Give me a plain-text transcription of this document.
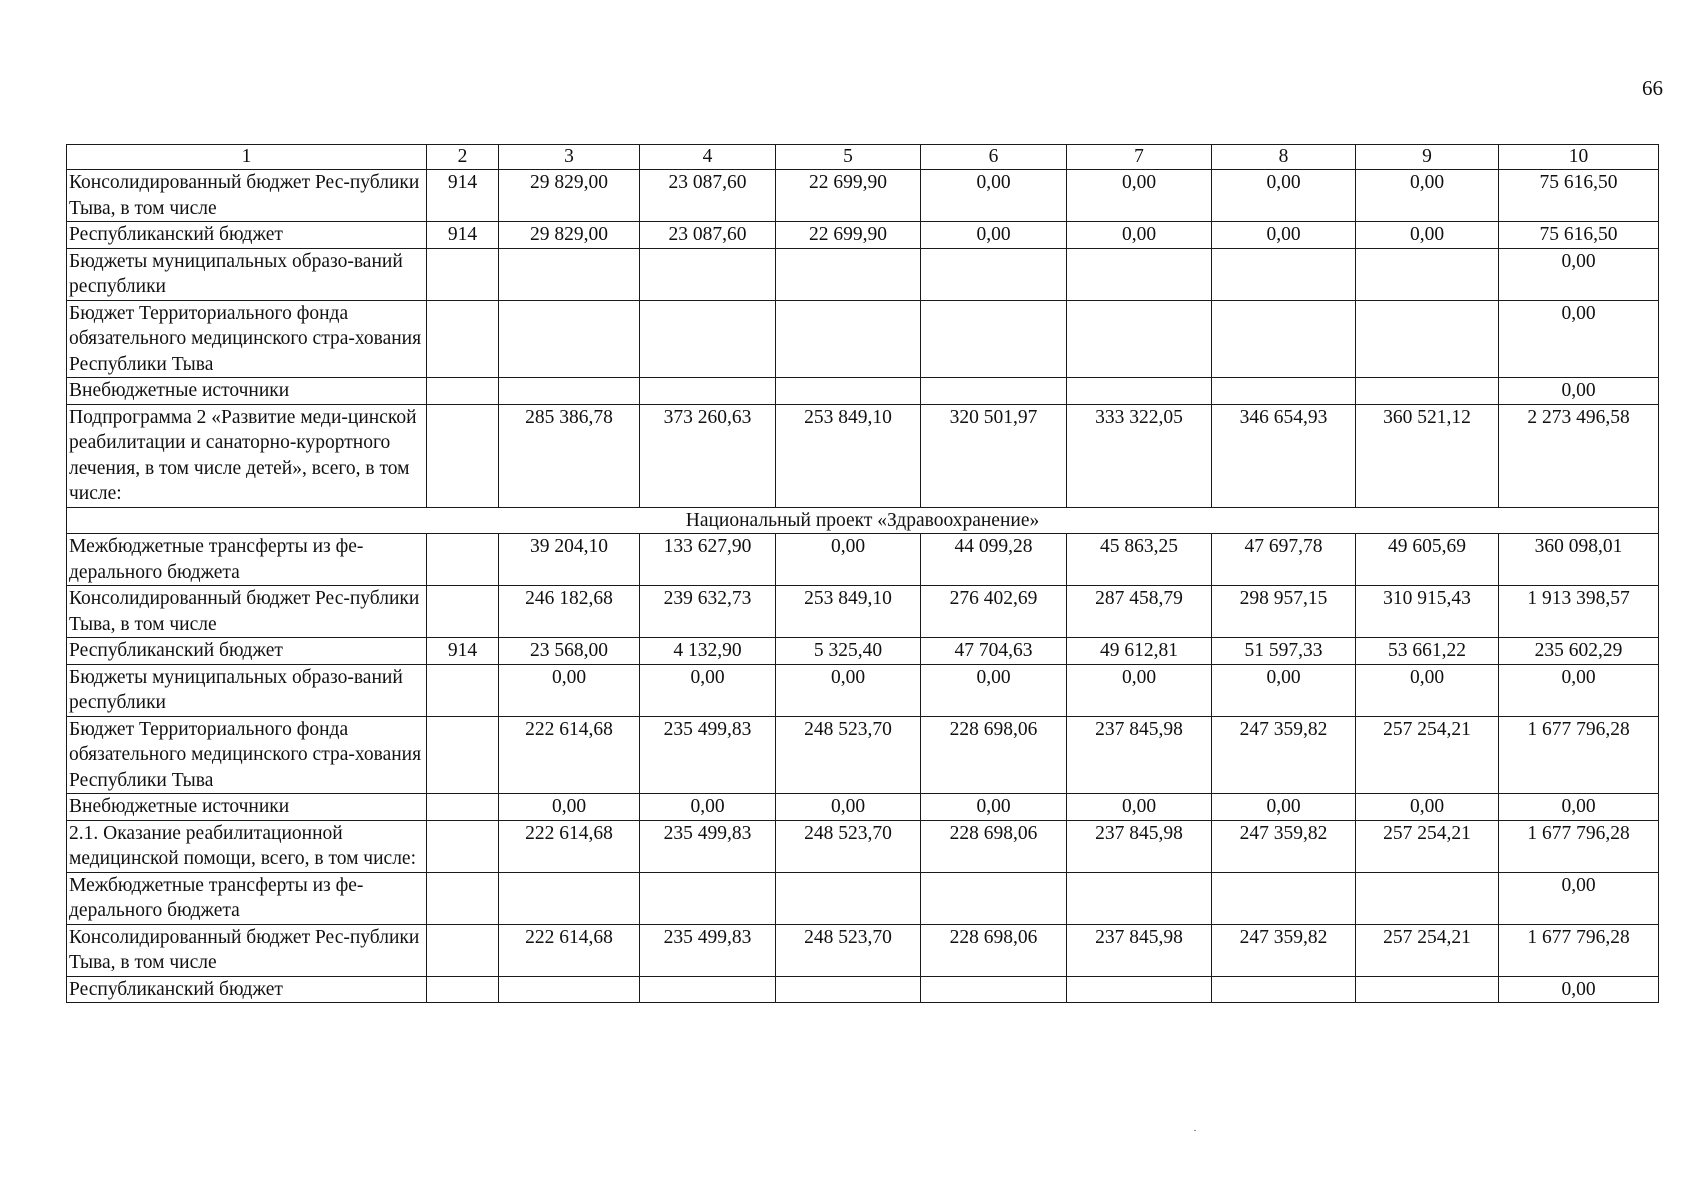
66
1	2	3	4	5	6	7	8	9	10
Консолидированный бюджет Рес-публики Тыва, в том числе	914	29 829,00	23 087,60	22 699,90	0,00	0,00	0,00	0,00	75 616,50
Республиканский бюджет	914	29 829,00	23 087,60	22 699,90	0,00	0,00	0,00	0,00	75 616,50
Бюджеты муниципальных образо-ваний республики									0,00
Бюджет Территориального фонда обязательного медицинского стра-хования Республики Тыва									0,00
Внебюджетные источники									0,00
Подпрограмма 2 «Развитие меди-цинской реабилитации и санаторно-курортного лечения, в том числе детей», всего, в том числе:		285 386,78	373 260,63	253 849,10	320 501,97	333 322,05	346 654,93	360 521,12	2 273 496,58
Национальный проект «Здравоохранение»									
Межбюджетные трансферты из фе-дерального бюджета		39 204,10	133 627,90	0,00	44 099,28	45 863,25	47 697,78	49 605,69	360 098,01
Консолидированный бюджет Рес-публики Тыва, в том числе		246 182,68	239 632,73	253 849,10	276 402,69	287 458,79	298 957,15	310 915,43	1 913 398,57
Республиканский бюджет	914	23 568,00	4 132,90	5 325,40	47 704,63	49 612,81	51 597,33	53 661,22	235 602,29
Бюджеты муниципальных образо-ваний республики		0,00	0,00	0,00	0,00	0,00	0,00	0,00	0,00
Бюджет Территориального фонда обязательного медицинского стра-хования Республики Тыва		222 614,68	235 499,83	248 523,70	228 698,06	237 845,98	247 359,82	257 254,21	1 677 796,28
Внебюджетные источники		0,00	0,00	0,00	0,00	0,00	0,00	0,00	0,00
2.1. Оказание реабилитационной медицинской помощи, всего, в том числе:		222 614,68	235 499,83	248 523,70	228 698,06	237 845,98	247 359,82	257 254,21	1 677 796,28
Межбюджетные трансферты из фе-дерального бюджета									0,00
Консолидированный бюджет Рес-публики Тыва, в том числе		222 614,68	235 499,83	248 523,70	228 698,06	237 845,98	247 359,82	257 254,21	1 677 796,28
Республиканский бюджет									0,00
